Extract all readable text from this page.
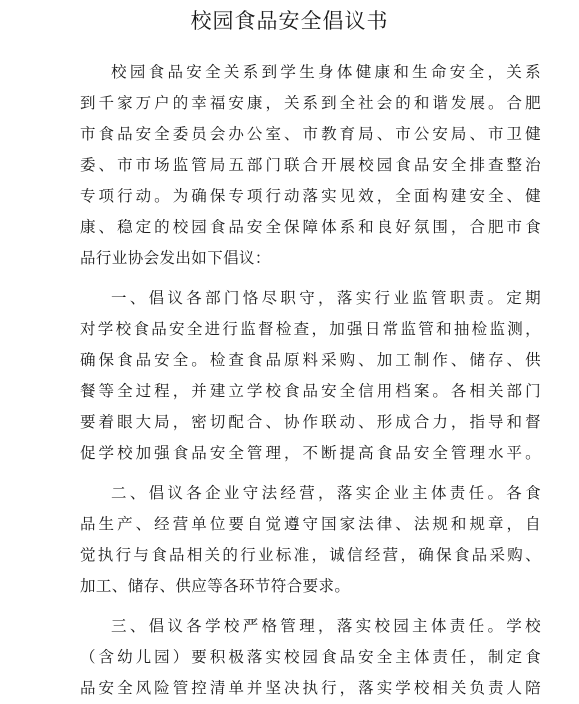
校园食品安全倡议书
校园食品安全关系到学生身体健康和生命安全，关系
到千家万户的幸福安康，关系到全社会的和谐发展。合肥
市食品安全委员会办公室、市教育局、市公安局、市卫健
委、市市场监管局五部门联合开展校园食品安全排查整治
专项行动。为确保专项行动落实见效，全面构建安全、健
康、稳定的校园食品安全保障体系和良好氛围，合肥市食
品行业协会发出如下倡议：
一、倡议各部门恪尽职守，落实行业监管职责。定期
对学校食品安全进行监督检查，加强日常监管和抽检监测，
确保食品安全。检查食品原料采购、加工制作、储存、供
餐等全过程，并建立学校食品安全信用档案。各相关部门
要着眼大局，密切配合、协作联动、形成合力，指导和督
促学校加强食品安全管理，不断提高食品安全管理水平。
二、倡议各企业守法经营，落实企业主体责任。各食
品生产、经营单位要自觉遵守国家法律、法规和规章，自
觉执行与食品相关的行业标准，诚信经营，确保食品采购、
加工、储存、供应等各环节符合要求。
三、倡议各学校严格管理，落实校园主体责任。学校
（含幼儿园）要积极落实校园食品安全主体责任，制定食
品安全风险管控清单并坚决执行，落实学校相关负责人陪
